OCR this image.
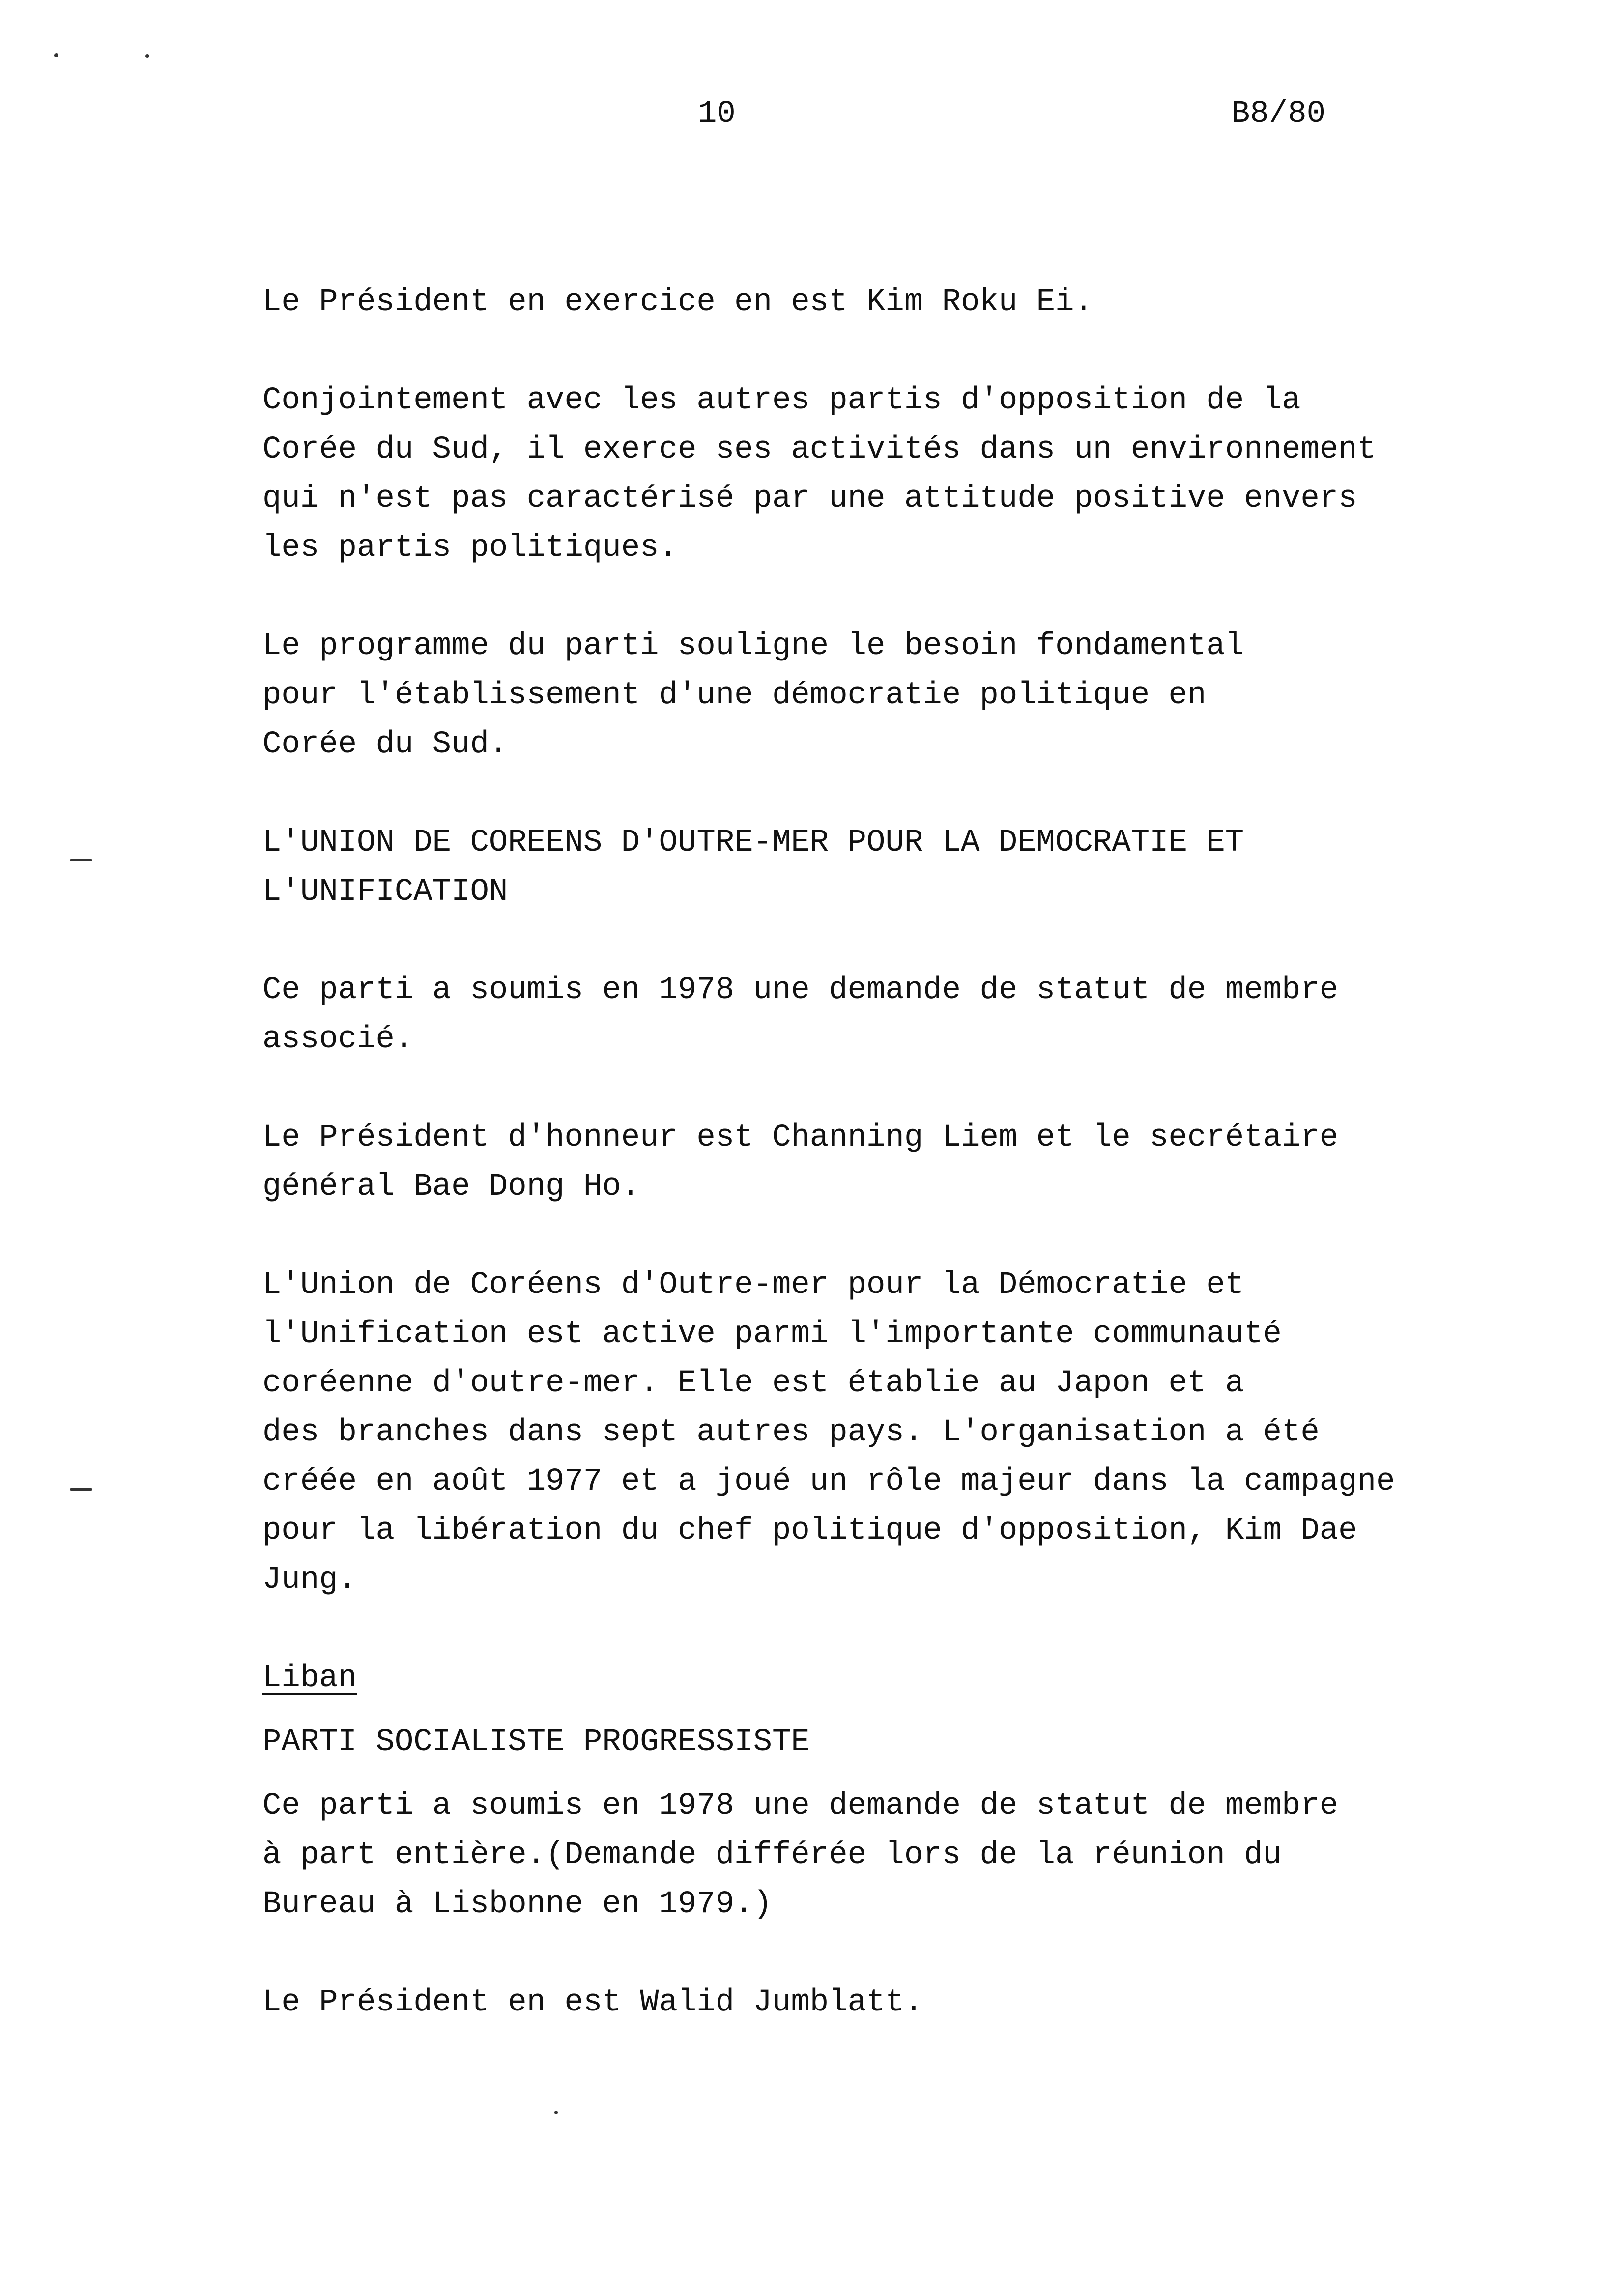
10	B8/80

Le Président en exercice en est Kim Roku Ei.

Conjointement avec les autres partis d'opposition de la
Corée du Sud, il exerce ses activités dans un environnement
qui n'est pas caractérisé par une attitude positive envers
les partis politiques.

Le programme du parti souligne le besoin fondamental
pour l'établissement d'une démocratie politique en
Corée du Sud.

L'UNION DE COREENS D'OUTRE-MER POUR LA DEMOCRATIE ET
L'UNIFICATION

Ce parti a soumis en 1978 une demande de statut de membre
associé.

Le Président d'honneur est Channing Liem et le secrétaire
général Bae Dong Ho.

L'Union de Coréens d'Outre-mer pour la Démocratie et
l'Unification est active parmi l'importante communauté
coréenne d'outre-mer. Elle est établie au Japon et a
des branches dans sept autres pays. L'organisation a été
créée en août 1977 et a joué un rôle majeur dans la campagne
pour la libération du chef politique d'opposition, Kim Dae
Jung.

Liban

PARTI SOCIALISTE PROGRESSISTE

Ce parti a soumis en 1978 une demande de statut de membre
à part entière.(Demande différée lors de la réunion du
Bureau à Lisbonne en 1979.)

Le Président en est Walid Jumblatt.
